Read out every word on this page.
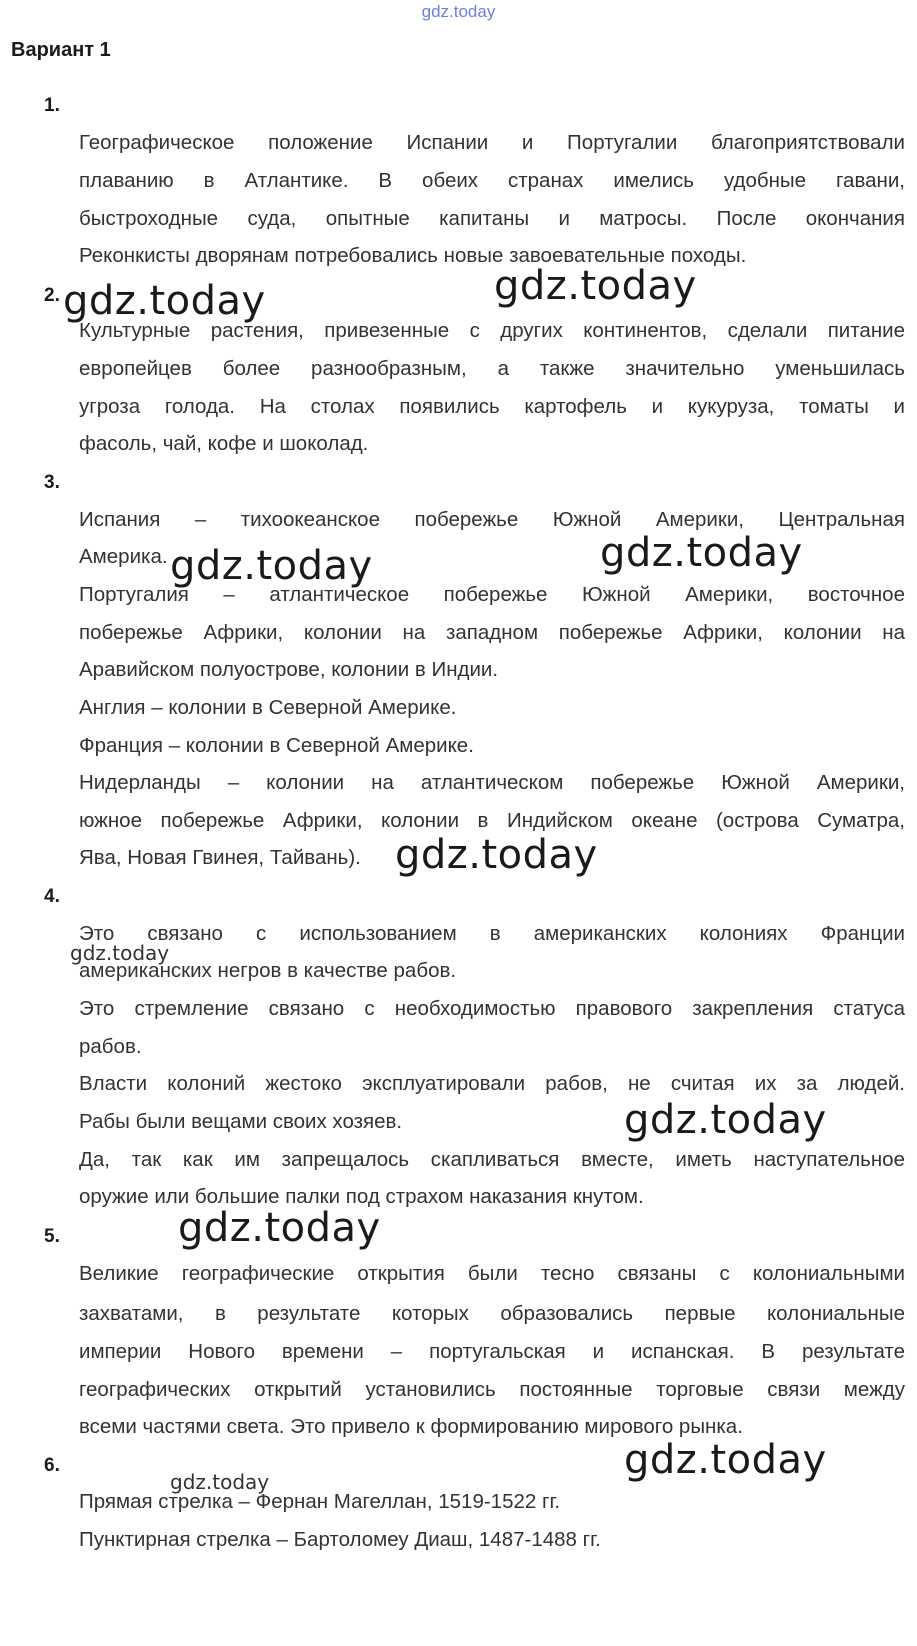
gdz.today
Вариант 1
1.
Географическое положение Испании и Португалии благоприятствовали
плаванию в Атлантике. В обеих странах имелись удобные гавани,
быстроходные суда, опытные капитаны и матросы. После окончания
Реконкисты дворянам потребовались новые завоевательные походы.
2.
Культурные растения, привезенные с других континентов, сделали питание
европейцев более разнообразным, а также значительно уменьшилась
угроза голода. На столах появились картофель и кукуруза, томаты и
фасоль, чай, кофе и шоколад.
3.
Испания – тихоокеанское побережье Южной Америки, Центральная
Америка.
Португалия – атлантическое побережье Южной Америки, восточное
побережье Африки, колонии на западном побережье Африки, колонии на
Аравийском полуострове, колонии в Индии.
Англия – колонии в Северной Америке.
Франция – колонии в Северной Америке.
Нидерланды – колонии на атлантическом побережье Южной Америки,
южное побережье Африки, колонии в Индийском океане (острова Суматра,
Ява, Новая Гвинея, Тайвань).
4.
Это связано с использованием в американских колониях Франции
американских негров в качестве рабов.
Это стремление связано с необходимостью правового закрепления статуса
рабов.
Власти колоний жестоко эксплуатировали рабов, не считая их за людей.
Рабы были вещами своих хозяев.
Да, так как им запрещалось скапливаться вместе, иметь наступательное
оружие или большие палки под страхом наказания кнутом.
5.
Великие географические открытия были тесно связаны с колониальными
захватами, в результате которых образовались первые колониальные
империи Нового времени – португальская и испанская. В результате
географических открытий установились постоянные торговые связи между
всеми частями света. Это привело к формированию мирового рынка.
6.
Прямая стрелка – Фернан Магеллан, 1519-1522 гг.
Пунктирная стрелка – Бартоломеу Диаш, 1487-1488 гг.
gdz.today	gdz.today
gdz.today	gdz.today
gdz.today
gdz.today
gdz.today
gdz.today
gdz.today
gdz.today
